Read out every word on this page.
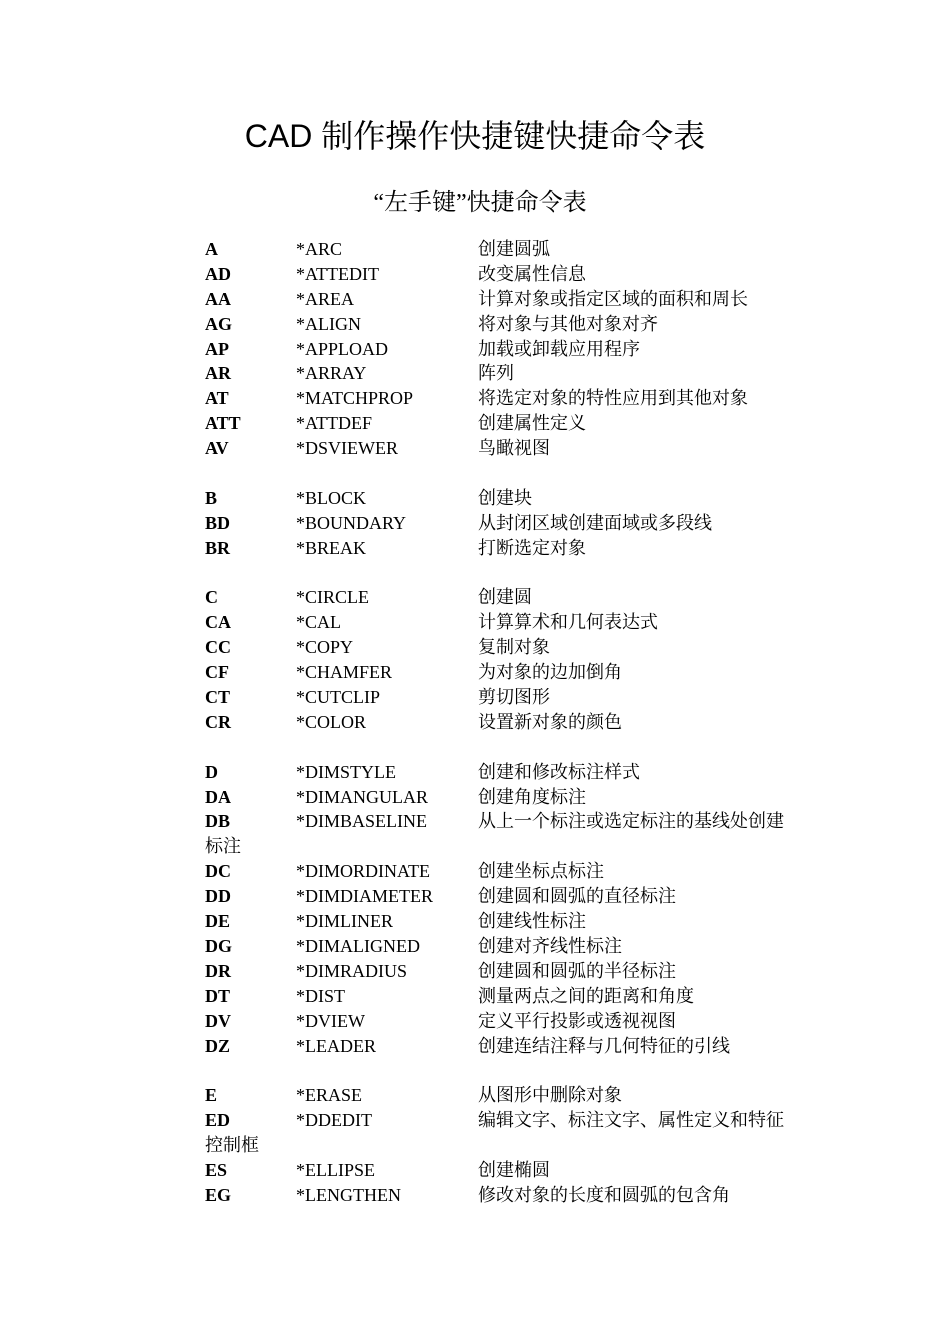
CAD 制作操作快捷键快捷命令表
“左手键”快捷命令表
A	*ARC	创建圆弧
AD	*ATTEDIT	改变属性信息
AA	*AREA	计算对象或指定区域的面积和周长
AG	*ALIGN	将对象与其他对象对齐
AP	*APPLOAD	加载或卸载应用程序
AR	*ARRAY	阵列
AT	*MATCHPROP	将选定对象的特性应用到其他对象
ATT	*ATTDEF	创建属性定义
AV	*DSVIEWER	鸟瞰视图
B	*BLOCK	创建块
BD	*BOUNDARY	从封闭区域创建面域或多段线
BR	*BREAK	打断选定对象
C	*CIRCLE	创建圆
CA	*CAL	计算算术和几何表达式
CC	*COPY	复制对象
CF	*CHAMFER	为对象的边加倒角
CT	*CUTCLIP	剪切图形
CR	*COLOR	设置新对象的颜色
D	*DIMSTYLE	创建和修改标注样式
DA	*DIMANGULAR	创建角度标注
DB	*DIMBASELINE	从上一个标注或选定标注的基线处创建
标注
DC	*DIMORDINATE	创建坐标点标注
DD	*DIMDIAMETER	创建圆和圆弧的直径标注
DE	*DIMLINER	创建线性标注
DG	*DIMALIGNED	创建对齐线性标注
DR	*DIMRADIUS	创建圆和圆弧的半径标注
DT	*DIST	测量两点之间的距离和角度
DV	*DVIEW	定义平行投影或透视视图
DZ	*LEADER	创建连结注释与几何特征的引线
E	*ERASE	从图形中删除对象
ED	*DDEDIT	编辑文字、标注文字、属性定义和特征
控制框
ES	*ELLIPSE	创建椭圆
EG	*LENGTHEN	修改对象的长度和圆弧的包含角
